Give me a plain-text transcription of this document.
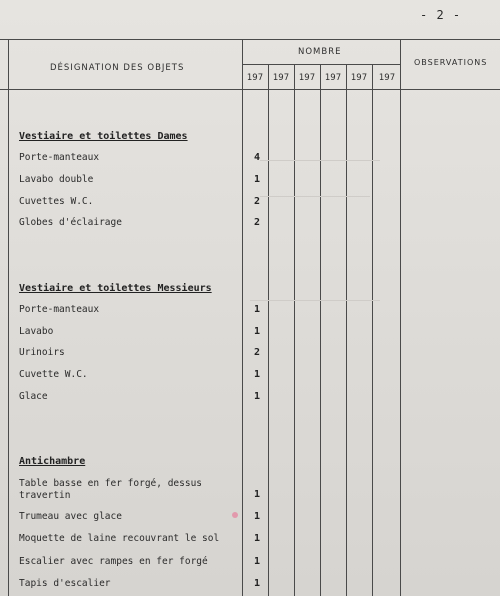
- 2 -
DÉSIGNATION DES OBJETS
NOMBRE
OBSERVATIONS
197	197	197	197	197	197
Vestiaire et toilettes Dames
Porte-manteaux	4
Lavabo double	1
Cuvettes W.C.	2
Globes d'éclairage	2
Vestiaire et toilettes Messieurs
Porte-manteaux	1
Lavabo	1
Urinoirs	2
Cuvette W.C.	1
Glace	1
Antichambre
Table basse en fer forgé, dessus travertin	1
Trumeau avec glace	1
Moquette de laine recouvrant le sol	1
Escalier avec rampes en fer forgé	1
Tapis d'escalier	1
